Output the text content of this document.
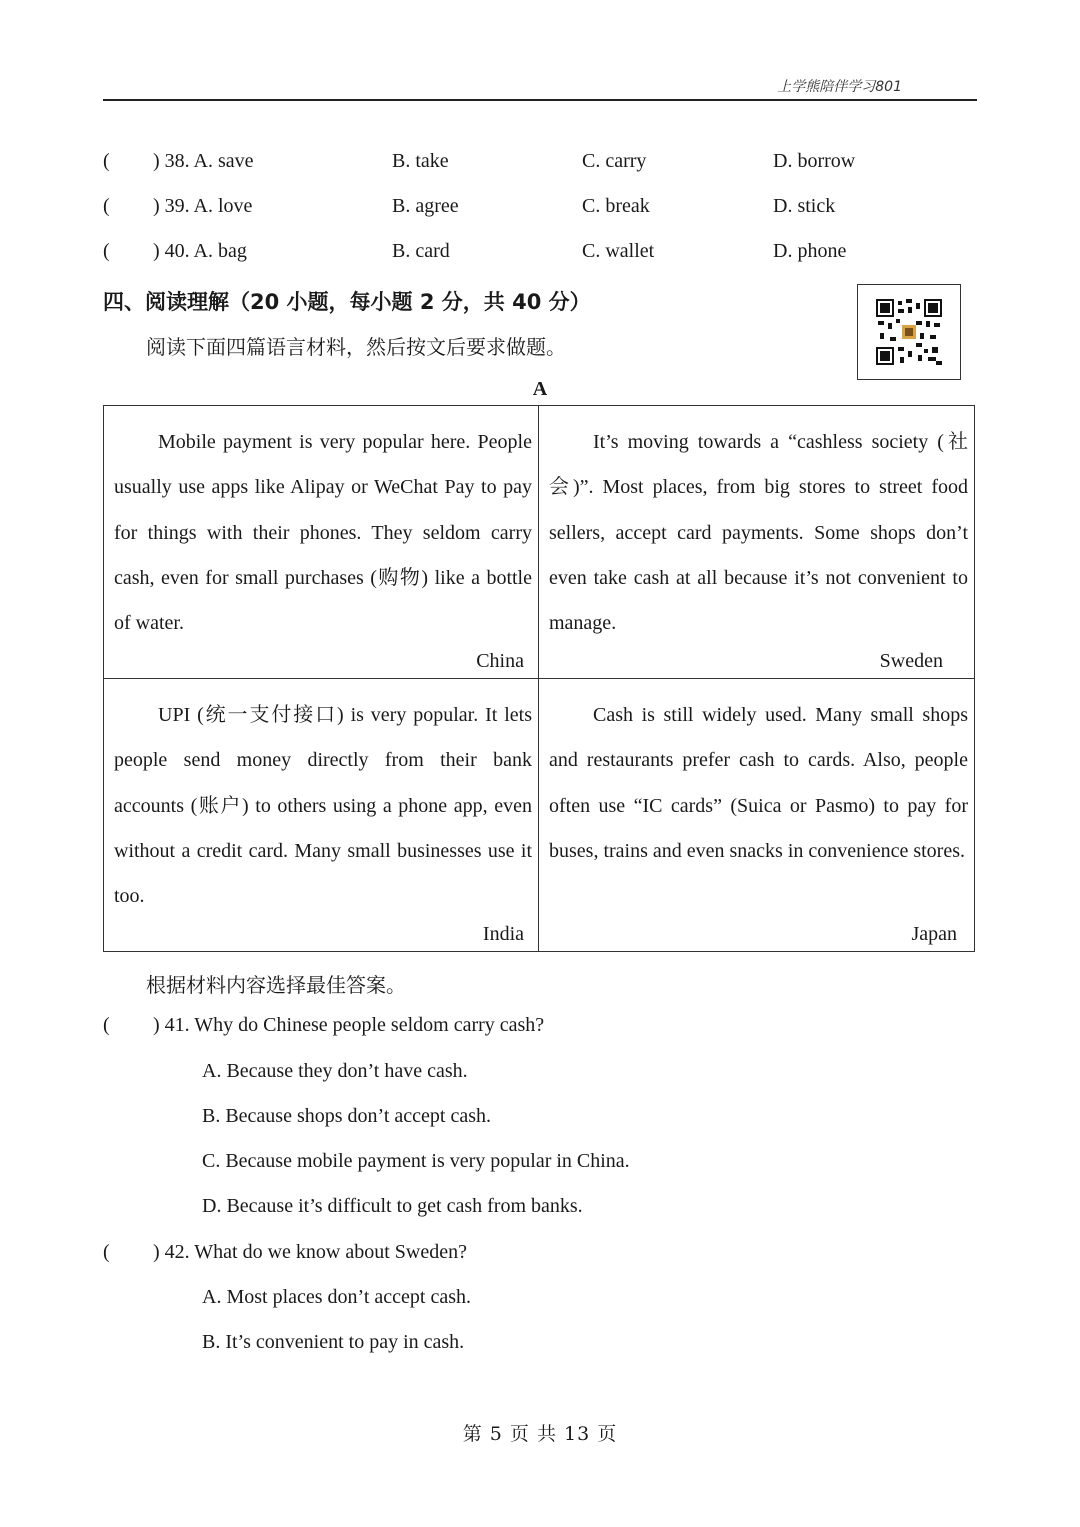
上学熊陪伴学习801
( ) 38. A. save	B. take	C. carry	D. borrow
( ) 39. A. love	B. agree	C. break	D. stick
( ) 40. A. bag	B. card	C. wallet	D. phone
四、阅读理解（20 小题，每小题 2 分，共 40 分）
阅读下面四篇语言材料，然后按文后要求做题。
A
Mobile payment is very popular here. People usually use apps like Alipay or WeChat Pay to pay for things with their phones. They seldom carry cash, even for small purchases (购物) like a bottle of water.
China
It’s moving towards a “cashless society (社会)”. Most places, from big stores to street food sellers, accept card payments. Some shops don’t even take cash at all because it’s not convenient to manage.
Sweden
UPI (统一支付接口) is very popular. It lets people send money directly from their bank accounts (账户) to others using a phone app, even without a credit card. Many small businesses use it too.
India
Cash is still widely used. Many small shops and restaurants prefer cash to cards. Also, people often use “IC cards” (Suica or Pasmo) to pay for buses, trains and even snacks in convenience stores.
Japan
根据材料内容选择最佳答案。
( ) 41. Why do Chinese people seldom carry cash?
A. Because they don’t have cash.
B. Because shops don’t accept cash.
C. Because mobile payment is very popular in China.
D. Because it’s difficult to get cash from banks.
( ) 42. What do we know about Sweden?
A. Most places don’t accept cash.
B. It’s convenient to pay in cash.
第 5 页 共 13 页
